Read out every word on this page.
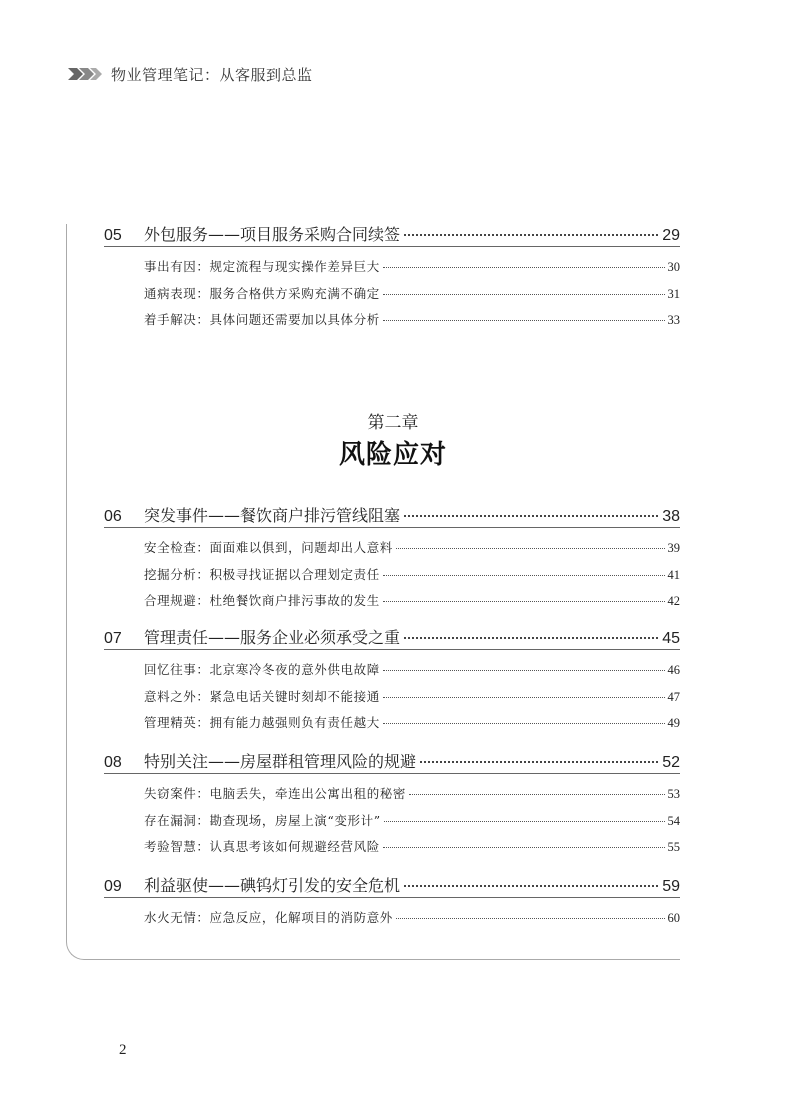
物业管理笔记：从客服到总监
第二章
风险应对
05	外包服务——项目服务采购合同续签	29
事出有因：规定流程与现实操作差异巨大	30
通病表现：服务合格供方采购充满不确定	31
着手解决：具体问题还需要加以具体分析	33
06	突发事件——餐饮商户排污管线阻塞	38
安全检查：面面难以俱到，问题却出人意料	39
挖掘分析：积极寻找证据以合理划定责任	41
合理规避：杜绝餐饮商户排污事故的发生	42
07	管理责任——服务企业必须承受之重	45
回忆往事：北京寒冷冬夜的意外供电故障	46
意料之外：紧急电话关键时刻却不能接通	47
管理精英：拥有能力越强则负有责任越大	49
08	特别关注——房屋群租管理风险的规避	52
失窃案件：电脑丢失，牵连出公寓出租的秘密	53
存在漏洞：勘查现场，房屋上演“变形计”	54
考验智慧：认真思考该如何规避经营风险	55
09	利益驱使——碘钨灯引发的安全危机	59
水火无情：应急反应，化解项目的消防意外	60
2
